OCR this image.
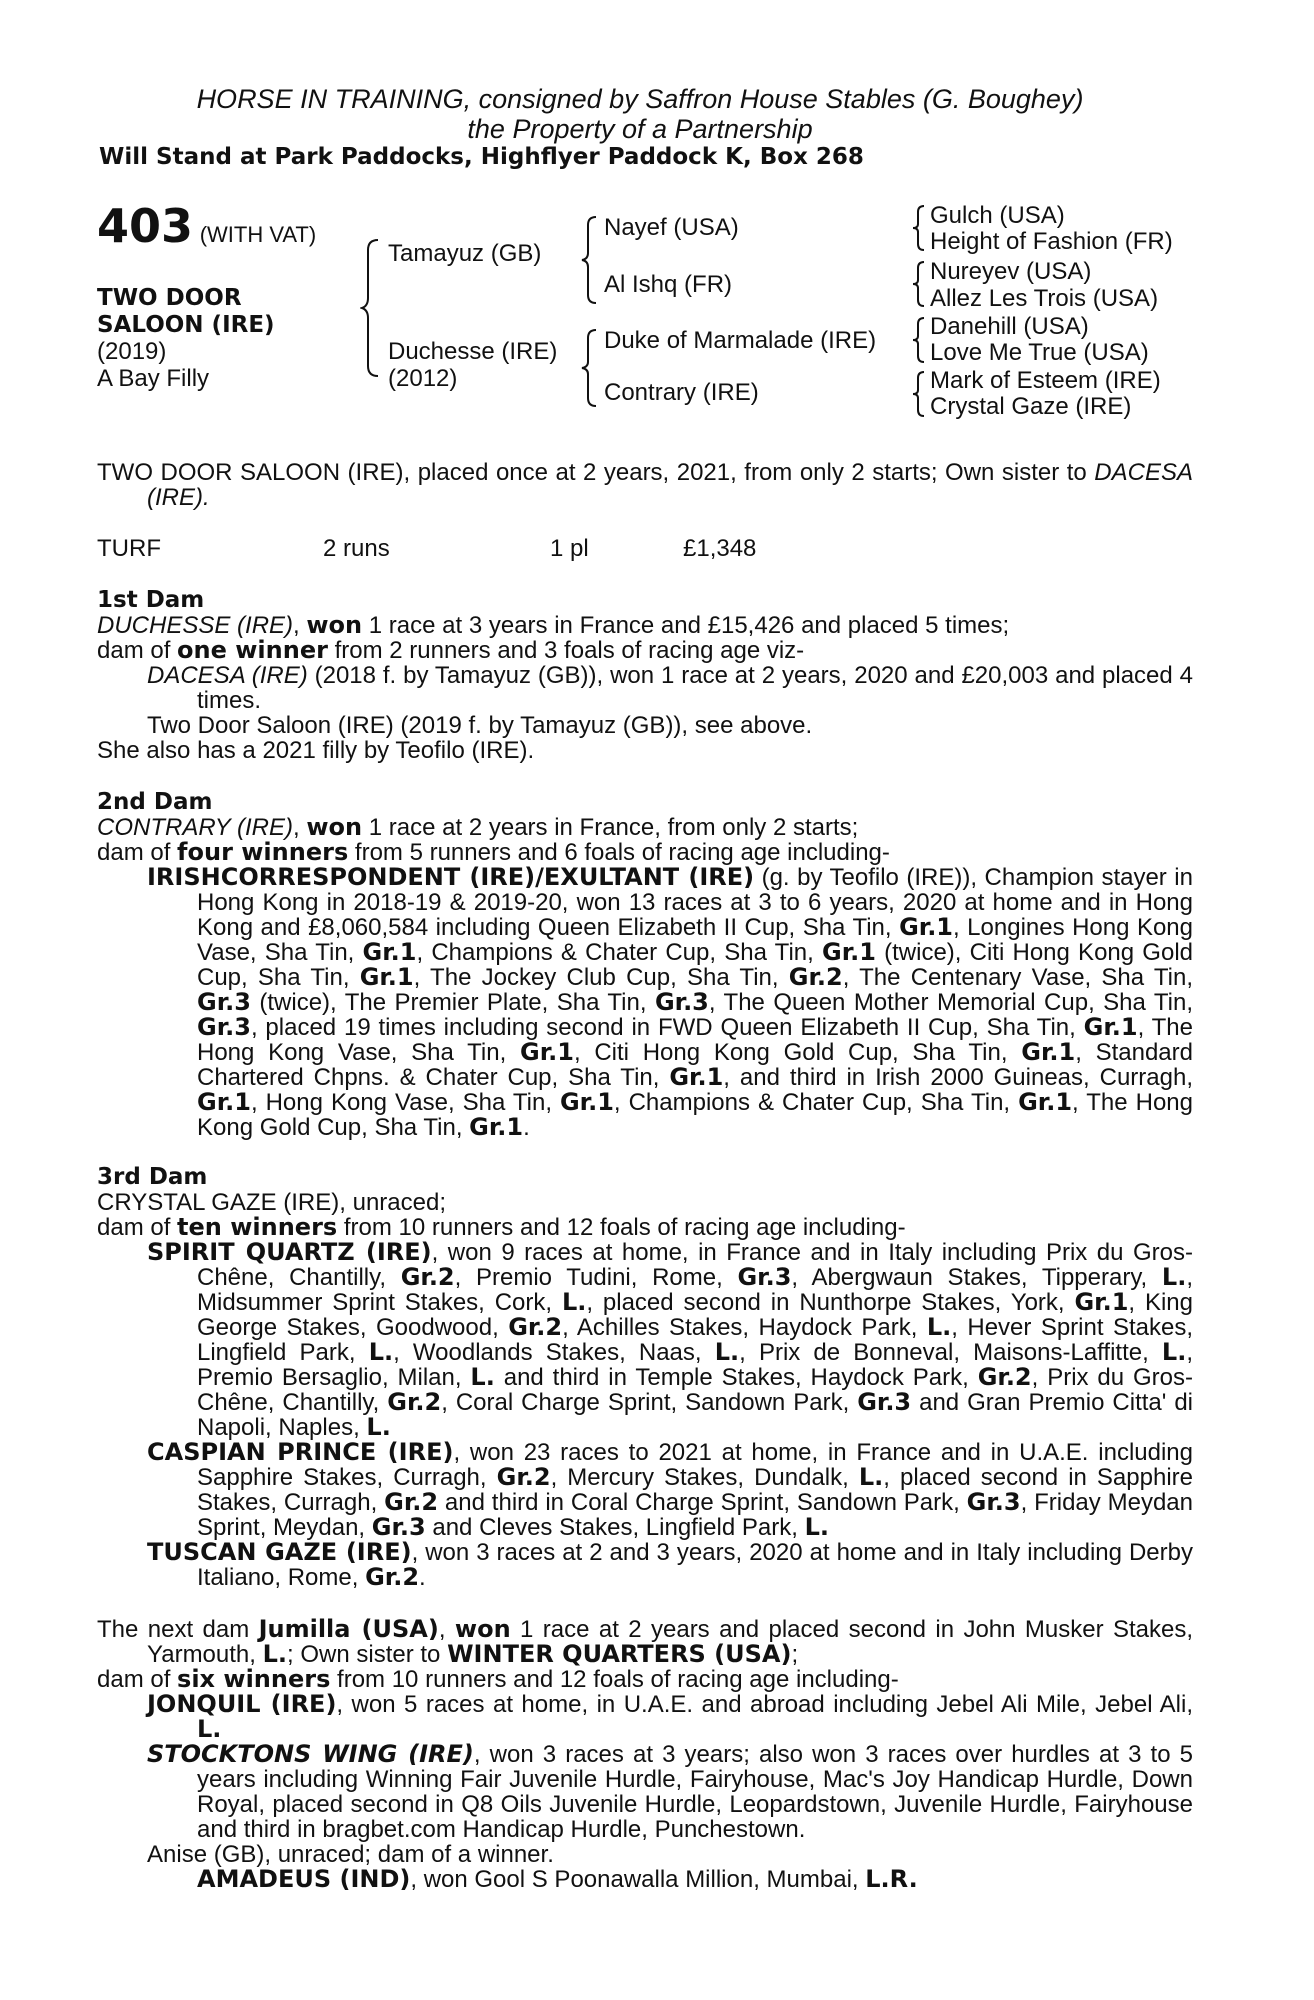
HORSE IN TRAINING, consigned by Saffron House Stables (G. Boughey)
the Property of a Partnership
Will Stand at Park Paddocks, Highflyer Paddock K, Box 268
403 (WITH VAT)
TWO DOOR
SALOON (IRE)
(2019)
A Bay Filly
Tamayuz (GB)
Duchesse (IRE)
(2012)
Nayef (USA)
Al Ishq (FR)
Duke of Marmalade (IRE)
Contrary (IRE)
Gulch (USA)
Height of Fashion (FR)
Nureyev (USA)
Allez Les Trois (USA)
Danehill (USA)
Love Me True (USA)
Mark of Esteem (IRE)
Crystal Gaze (IRE)

TWO DOOR SALOON (IRE), placed once at 2 years, 2021, from only 2 starts; Own sister to DACESA (IRE).

TURF	2 runs	1 pl	£1,348

1st Dam

DUCHESSE (IRE), won 1 race at 3 years in France and £15,426 and placed 5 times;

dam of one winner from 2 runners and 3 foals of racing age viz-

DACESA (IRE) (2018 f. by Tamayuz (GB)), won 1 race at 2 years, 2020 and £20,003 and placed 4 times.

Two Door Saloon (IRE) (2019 f. by Tamayuz (GB)), see above.

She also has a 2021 filly by Teofilo (IRE).

2nd Dam

CONTRARY (IRE), won 1 race at 2 years in France, from only 2 starts;

dam of four winners from 5 runners and 6 foals of racing age including-

IRISHCORRESPONDENT (IRE)/EXULTANT (IRE) (g. by Teofilo (IRE)), Champion stayer in Hong Kong in 2018-19 & 2019-20, won 13 races at 3 to 6 years, 2020 at home and in Hong Kong and £8,060,584 including Queen Elizabeth II Cup, Sha Tin, Gr.1, Longines Hong Kong Vase, Sha Tin, Gr.1, Champions & Chater Cup, Sha Tin, Gr.1 (twice), Citi Hong Kong Gold Cup, Sha Tin, Gr.1, The Jockey Club Cup, Sha Tin, Gr.2, The Centenary Vase, Sha Tin, Gr.3 (twice), The Premier Plate, Sha Tin, Gr.3, The Queen Mother Memorial Cup, Sha Tin, Gr.3, placed 19 times including second in FWD Queen Elizabeth II Cup, Sha Tin, Gr.1, The Hong Kong Vase, Sha Tin, Gr.1, Citi Hong Kong Gold Cup, Sha Tin, Gr.1, Standard Chartered Chpns. & Chater Cup, Sha Tin, Gr.1, and third in Irish 2000 Guineas, Curragh, Gr.1, Hong Kong Vase, Sha Tin, Gr.1, Champions & Chater Cup, Sha Tin, Gr.1, The Hong Kong Gold Cup, Sha Tin, Gr.1.

3rd Dam

CRYSTAL GAZE (IRE), unraced;

dam of ten winners from 10 runners and 12 foals of racing age including-

SPIRIT QUARTZ (IRE), won 9 races at home, in France and in Italy including Prix du Gros-Chêne, Chantilly, Gr.2, Premio Tudini, Rome, Gr.3, Abergwaun Stakes, Tipperary, L., Midsummer Sprint Stakes, Cork, L., placed second in Nunthorpe Stakes, York, Gr.1, King George Stakes, Goodwood, Gr.2, Achilles Stakes, Haydock Park, L., Hever Sprint Stakes, Lingfield Park, L., Woodlands Stakes, Naas, L., Prix de Bonneval, Maisons-Laffitte, L., Premio Bersaglio, Milan, L. and third in Temple Stakes, Haydock Park, Gr.2, Prix du Gros-Chêne, Chantilly, Gr.2, Coral Charge Sprint, Sandown Park, Gr.3 and Gran Premio Citta' di Napoli, Naples, L.

CASPIAN PRINCE (IRE), won 23 races to 2021 at home, in France and in U.A.E. including Sapphire Stakes, Curragh, Gr.2, Mercury Stakes, Dundalk, L., placed second in Sapphire Stakes, Curragh, Gr.2 and third in Coral Charge Sprint, Sandown Park, Gr.3, Friday Meydan Sprint, Meydan, Gr.3 and Cleves Stakes, Lingfield Park, L.

TUSCAN GAZE (IRE), won 3 races at 2 and 3 years, 2020 at home and in Italy including Derby Italiano, Rome, Gr.2.

The next dam Jumilla (USA), won 1 race at 2 years and placed second in John Musker Stakes, Yarmouth, L.; Own sister to WINTER QUARTERS (USA);

dam of six winners from 10 runners and 12 foals of racing age including-

JONQUIL (IRE), won 5 races at home, in U.A.E. and abroad including Jebel Ali Mile, Jebel Ali, L.

STOCKTONS WING (IRE), won 3 races at 3 years; also won 3 races over hurdles at 3 to 5 years including Winning Fair Juvenile Hurdle, Fairyhouse, Mac's Joy Handicap Hurdle, Down Royal, placed second in Q8 Oils Juvenile Hurdle, Leopardstown, Juvenile Hurdle, Fairyhouse and third in bragbet.com Handicap Hurdle, Punchestown.

Anise (GB), unraced; dam of a winner.

AMADEUS (IND), won Gool S Poonawalla Million, Mumbai, L.R.
